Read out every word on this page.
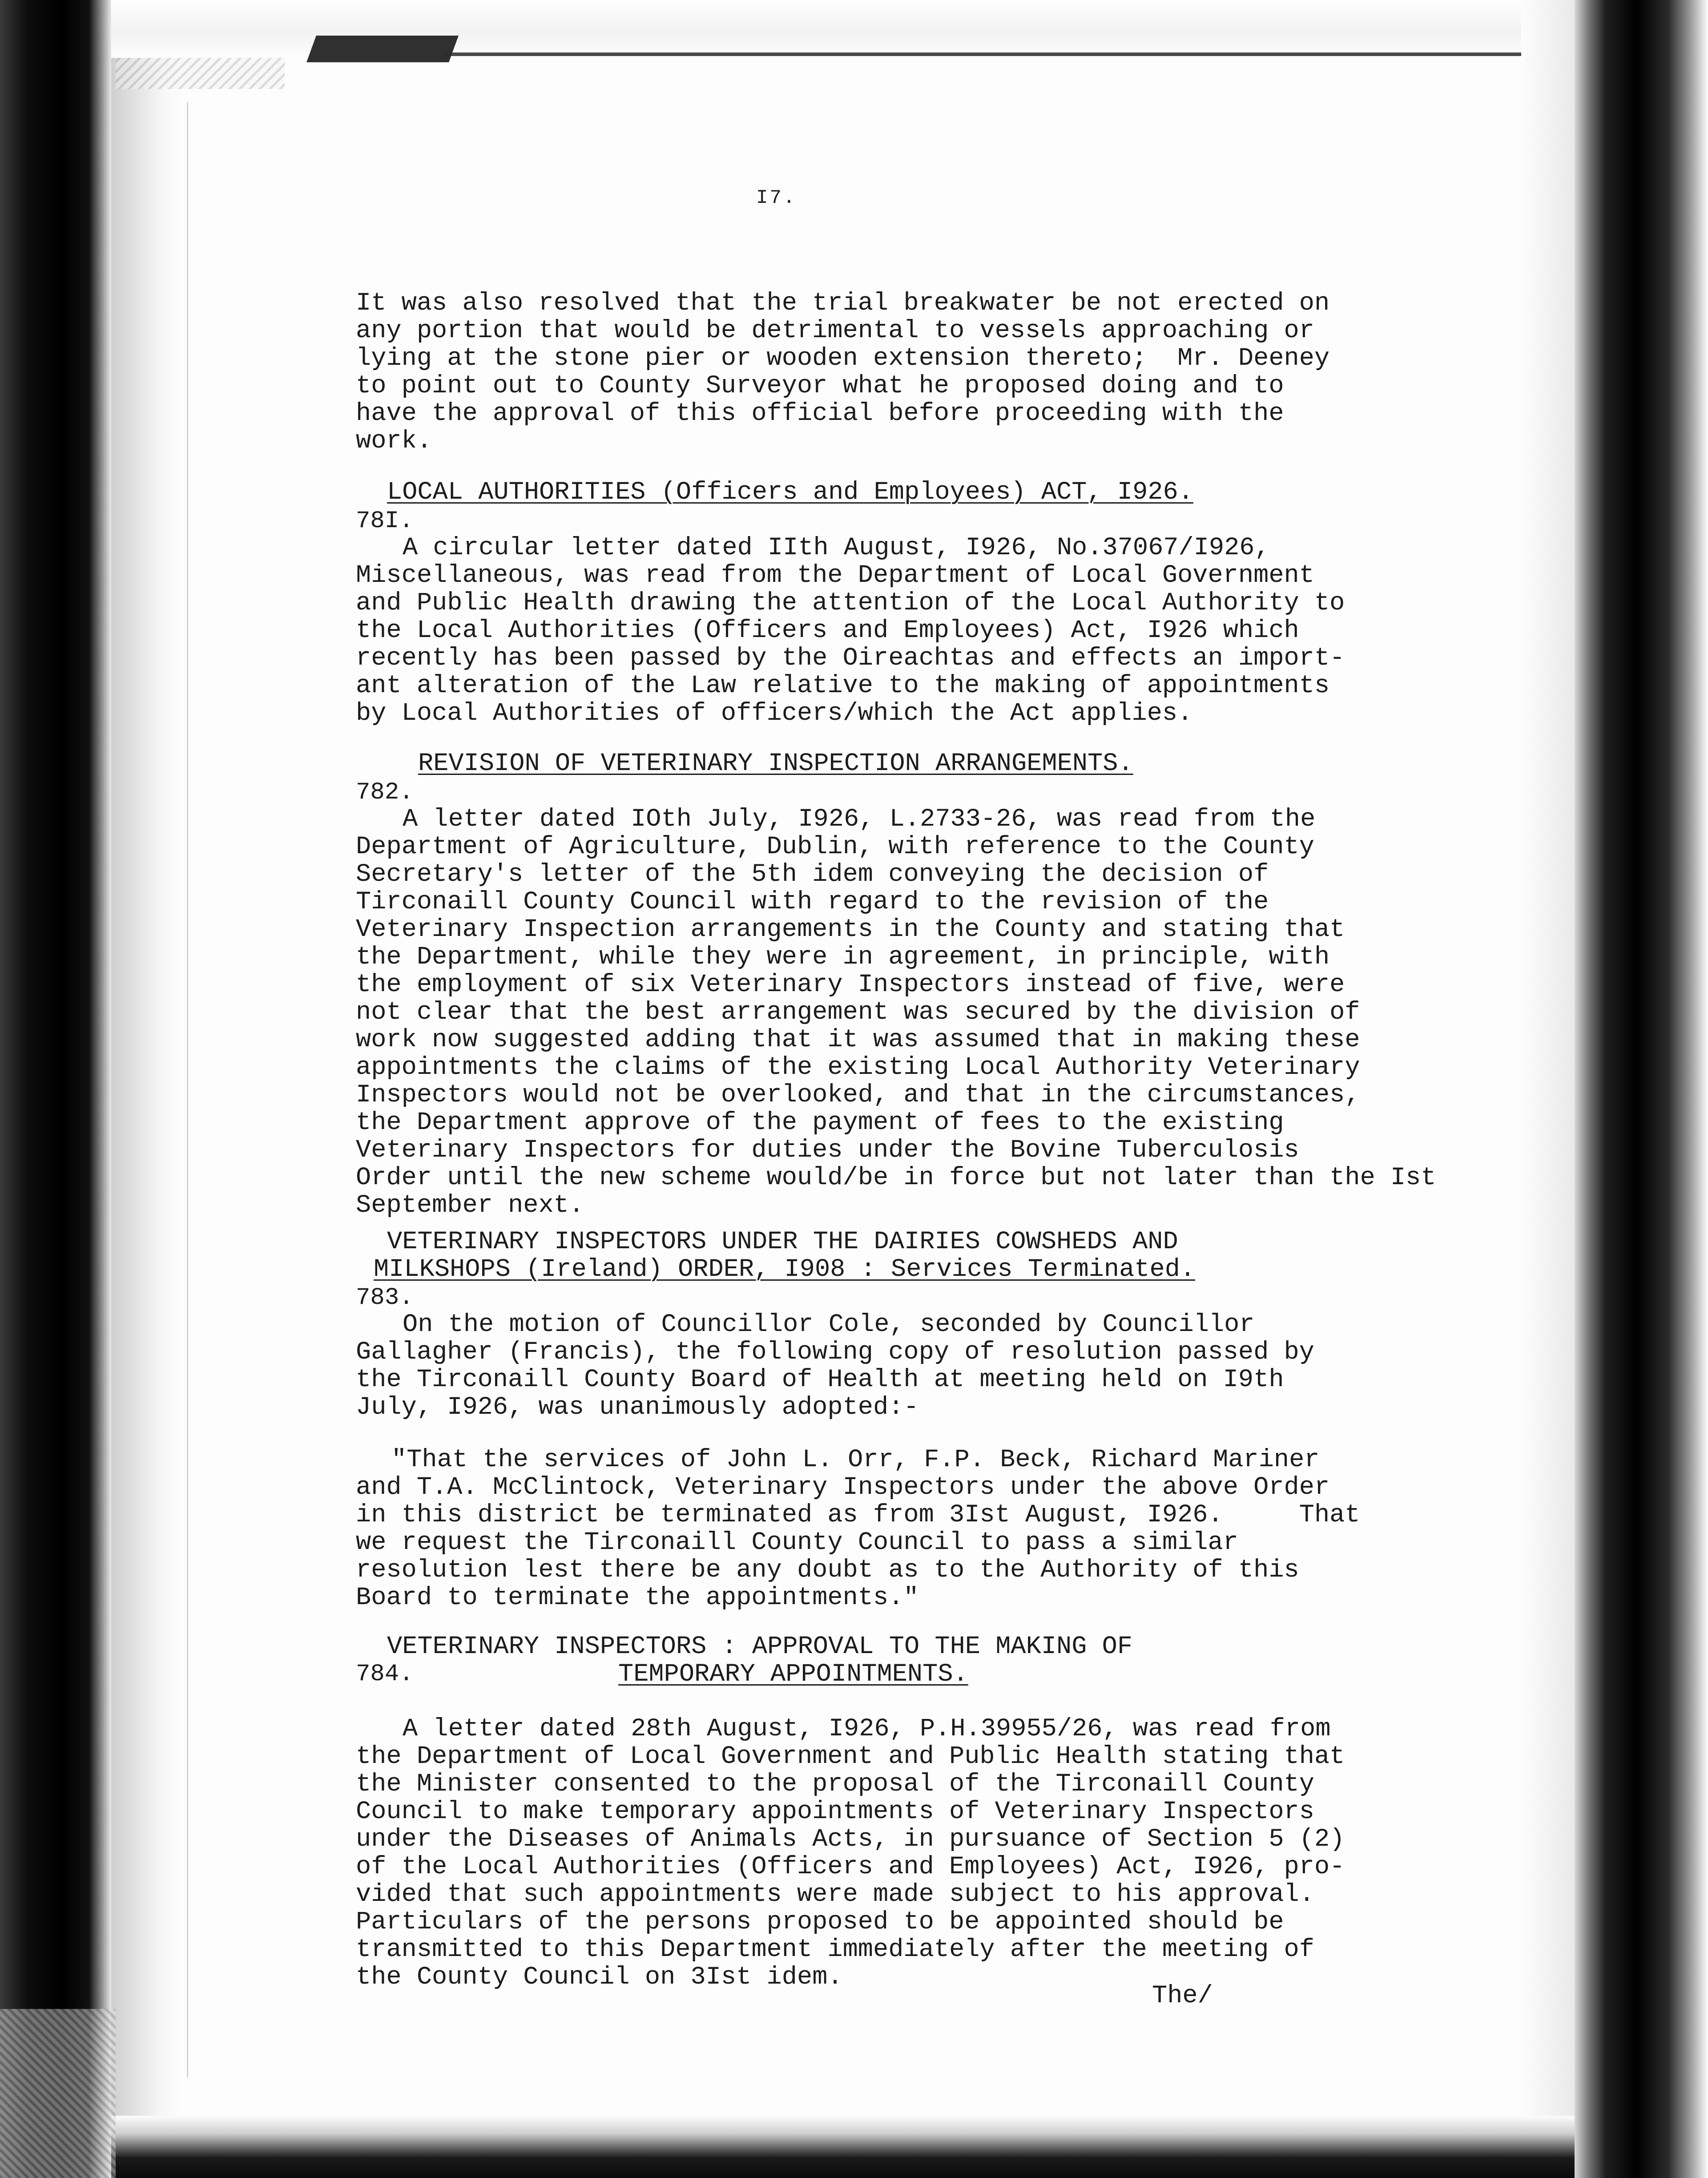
I7.
It was also resolved that the trial breakwater be not erected on
any portion that would be detrimental to vessels approaching or
lying at the stone pier or wooden extension thereto;  Mr. Deeney
to point out to County Surveyor what he proposed doing and to
have the approval of this official before proceeding with the
work.
LOCAL AUTHORITIES (Officers and Employees) ACT, I926.
78I.
A circular letter dated IIth August, I926, No.37067/I926,
Miscellaneous, was read from the Department of Local Government
and Public Health drawing the attention of the Local Authority to
the Local Authorities (Officers and Employees) Act, I926 which
recently has been passed by the Oireachtas and effects an import-
ant alteration of the Law relative to the making of appointments
by Local Authorities of officers/which the Act applies.
REVISION OF VETERINARY INSPECTION ARRANGEMENTS.
782.
A letter dated IOth July, I926, L.2733-26, was read from the
Department of Agriculture, Dublin, with reference to the County
Secretary's letter of the 5th idem conveying the decision of
Tirconaill County Council with regard to the revision of the
Veterinary Inspection arrangements in the County and stating that
the Department, while they were in agreement, in principle, with
the employment of six Veterinary Inspectors instead of five, were
not clear that the best arrangement was secured by the division of
work now suggested adding that it was assumed that in making these
appointments the claims of the existing Local Authority Veterinary
Inspectors would not be overlooked, and that in the circumstances,
the Department approve of the payment of fees to the existing
Veterinary Inspectors for duties under the Bovine Tuberculosis
Order until the new scheme would/be in force but not later than the Ist
September next.
VETERINARY INSPECTORS UNDER THE DAIRIES COWSHEDS AND
MILKSHOPS (Ireland) ORDER, I908 : Services Terminated.
783.
On the motion of Councillor Cole, seconded by Councillor
Gallagher (Francis), the following copy of resolution passed by
the Tirconaill County Board of Health at meeting held on I9th
July, I926, was unanimously adopted:-
"That the services of John L. Orr, F.P. Beck, Richard Mariner
and T.A. McClintock, Veterinary Inspectors under the above Order
in this district be terminated as from 3Ist August, I926.     That
we request the Tirconaill County Council to pass a similar
resolution lest there be any doubt as to the Authority of this
Board to terminate the appointments."
VETERINARY INSPECTORS : APPROVAL TO THE MAKING OF
784.	TEMPORARY APPOINTMENTS.
A letter dated 28th August, I926, P.H.39955/26, was read from
the Department of Local Government and Public Health stating that
the Minister consented to the proposal of the Tirconaill County
Council to make temporary appointments of Veterinary Inspectors
under the Diseases of Animals Acts, in pursuance of Section 5 (2)
of the Local Authorities (Officers and Employees) Act, I926, pro-
vided that such appointments were made subject to his approval.
Particulars of the persons proposed to be appointed should be
transmitted to this Department immediately after the meeting of
the County Council on 3Ist idem.
The/
